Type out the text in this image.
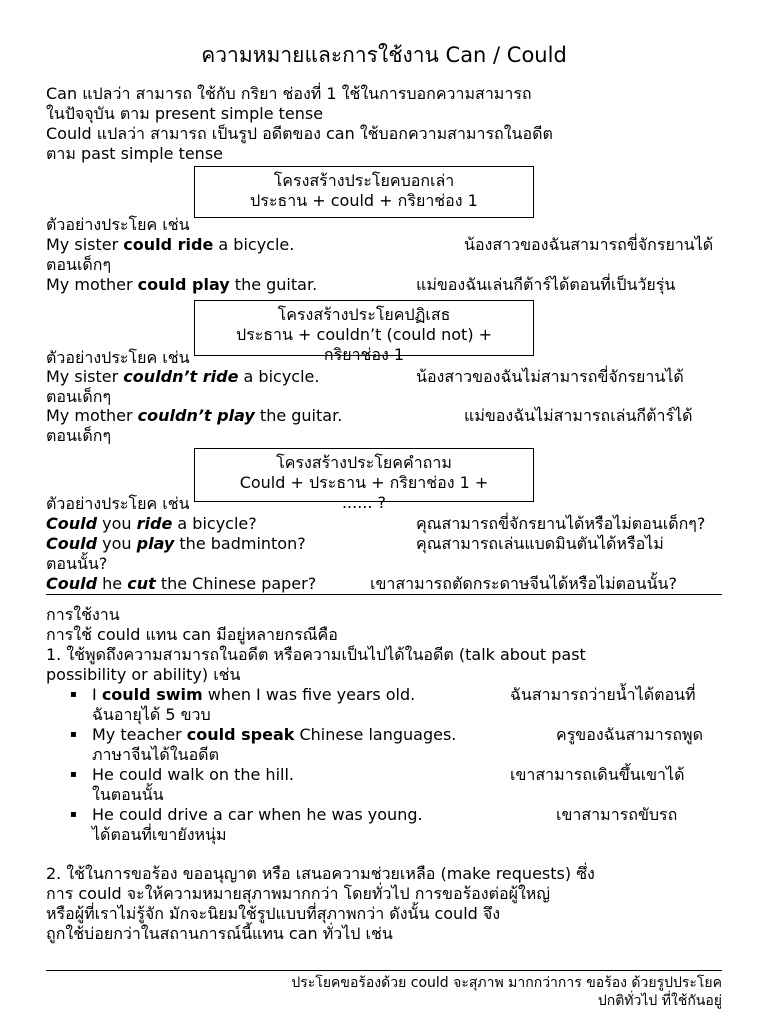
ความหมายและการใช้งาน Can / Could
Can แปลว่า สามารถ ใช้กับ กริยา ช่องที่ 1 ใช้ในการบอกความสามารถ
ในปัจจุบัน ตาม present simple tense
Could แปลว่า สามารถ เป็นรูป อดีตของ can ใช้บอกความสามารถในอดีต
ตาม past simple tense
โครงสร้างประโยคบอกเล่า
ประธาน + could + กริยาช่อง 1
ตัวอย่างประโยค เช่น
My sister could ride a bicycle.	น้องสาวของฉันสามารถขี่จักรยานได้
ตอนเด็กๆ
My mother could play the guitar.	แม่ของฉันเล่นกีต้าร์ได้ตอนที่เป็นวัยรุ่น
โครงสร้างประโยคปฏิเสธ
ประธาน + couldn’t (could not) +
กริยาช่อง 1
ตัวอย่างประโยค เช่น
My sister couldn’t ride a bicycle.	น้องสาวของฉันไม่สามารถขี่จักรยานได้
ตอนเด็กๆ
My mother couldn’t play the guitar.	แม่ของฉันไม่สามารถเล่นกีต้าร์ได้
ตอนเด็กๆ
โครงสร้างประโยคคำถาม
Could + ประธาน + กริยาช่อง 1 +
...... ?
ตัวอย่างประโยค เช่น
Could you ride a bicycle?	คุณสามารถขี่จักรยานได้หรือไม่ตอนเด็กๆ?
Could you play the badminton?	คุณสามารถเล่นแบดมินตันได้หรือไม่
ตอนนั้น?
Could he cut the Chinese paper?	เขาสามารถตัดกระดาษจีนได้หรือไม่ตอนนั้น?
การใช้งาน
การใช้ could แทน can มีอยู่หลายกรณีคือ
1. ใช้พูดถึงความสามารถในอดีต หรือความเป็นไปได้ในอดีต (talk about past
possibility or ability) เช่น
▪ I could swim when I was five years old.	ฉันสามารถว่ายน้ำได้ตอนที่
ฉันอายุได้ 5 ขวบ
▪ My teacher could speak Chinese languages.	ครูของฉันสามารถพูด
ภาษาจีนได้ในอดีต
▪ He could walk on the hill.	เขาสามารถเดินขึ้นเขาได้
ในตอนนั้น
▪ He could drive a car when he was young.	เขาสามารถขับรถ
ได้ตอนที่เขายังหนุ่ม
2. ใช้ในการขอร้อง ขออนุญาต หรือ เสนอความช่วยเหลือ (make requests) ซึ่ง
การ could จะให้ความหมายสุภาพมากกว่า โดยทั่วไป การขอร้องต่อผู้ใหญ่
หรือผู้ที่เราไม่รู้จัก มักจะนิยมใช้รูปแบบที่สุภาพกว่า ดังนั้น could จึง
ถูกใช้บ่อยกว่าในสถานการณ์นี้แทน can ทั่วไป เช่น
ประโยคขอร้องด้วย could จะสุภาพ มากกว่าการ ขอร้อง ด้วยรูปประโยค
ปกติทั่วไป ที่ใช้กันอยู่
